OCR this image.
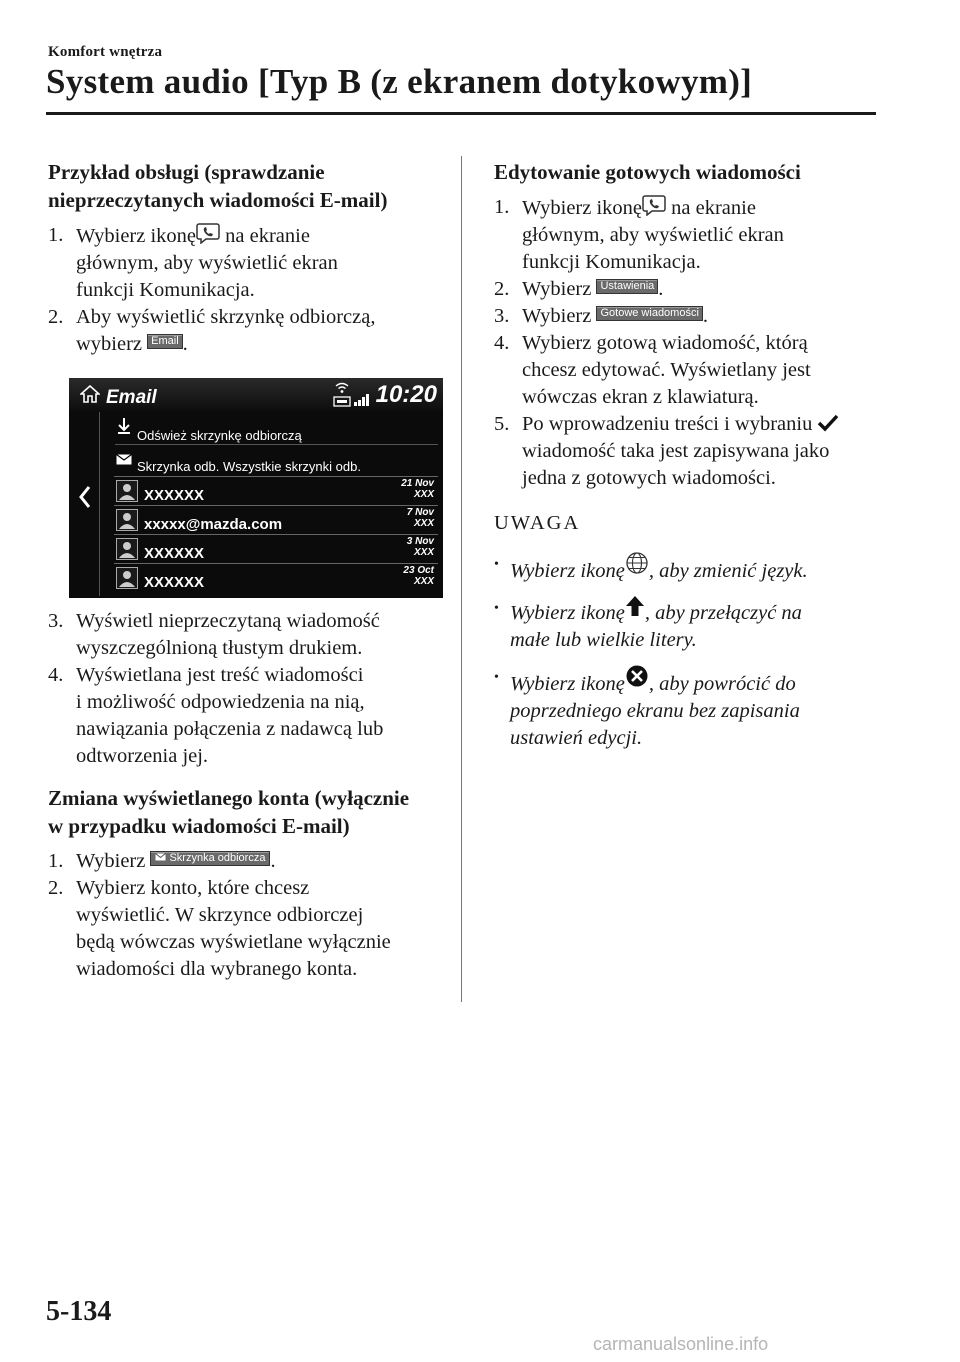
Komfort wnętrza
System audio [Typ B (z ekranem dotykowym)]
Przykład obsługi (sprawdzanie
nieprzeczytanych wiadomości E-mail)
1. Wybierz ikonę na ekranie
głównym, aby wyświetlić ekran
funkcji Komunikacja.
2. Aby wyświetlić skrzynkę odbiorczą,
wybierz Email .
Email	10:20
Odśwież skrzynkę odbiorczą
Skrzynka odb. Wszystkie skrzynki odb.
XXXXXX
21 Nov
XXX
xxxxx@mazda.com
7 Nov
XXX
XXXXXX
3 Nov
XXX
XXXXXX
23 Oct
XXX
3. Wyświetl nieprzeczytaną wiadomość
wyszczególnioną tłustym drukiem.
4. Wyświetlana jest treść wiadomości
i możliwość odpowiedzenia na nią,
nawiązania połączenia z nadawcą lub
odtworzenia jej.
Zmiana wyświetlanego konta (wyłącznie
w przypadku wiadomości E-mail)
1. Wybierz Skrzynka odbiorcza .
2. Wybierz konto, które chcesz
wyświetlić. W skrzynce odbiorczej
będą wówczas wyświetlane wyłącznie
wiadomości dla wybranego konta.
Edytowanie gotowych wiadomości
1. Wybierz ikonę na ekranie
głównym, aby wyświetlić ekran
funkcji Komunikacja.
2. Wybierz Ustawienia .
3. Wybierz Gotowe wiadomości .
4. Wybierz gotową wiadomość, którą
chcesz edytować. Wyświetlany jest
wówczas ekran z klawiaturą.
5. Po wprowadzeniu treści i wybraniu
wiadomość taka jest zapisywana jako
jedna z gotowych wiadomości.
UWAGA
• Wybierz ikonę , aby zmienić język.
• Wybierz ikonę , aby przełączyć na
małe lub wielkie litery.
• Wybierz ikonę , aby powrócić do
poprzedniego ekranu bez zapisania
ustawień edycji.
5-134
carmanualsonline.info
